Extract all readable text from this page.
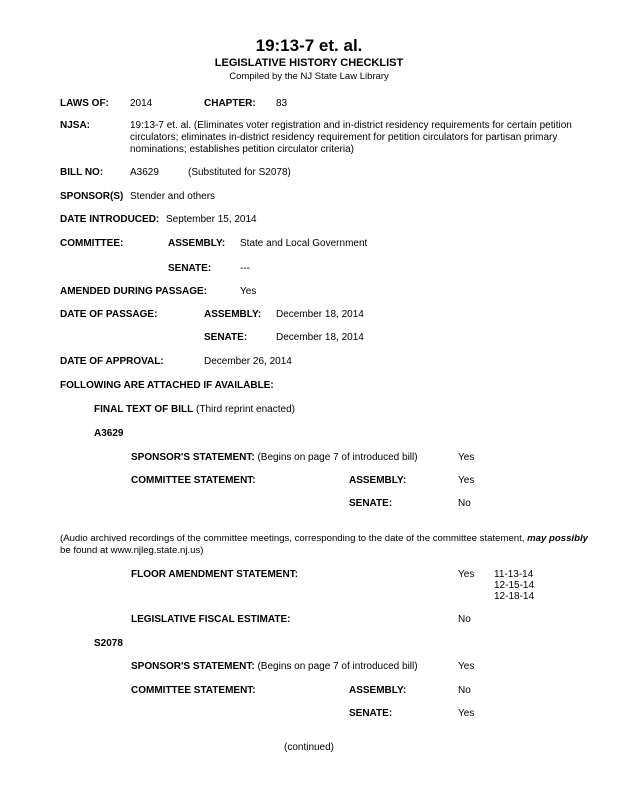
19:13-7 et. al.
LEGISLATIVE HISTORY CHECKLIST
Compiled by the NJ State Law Library
LAWS OF: 2014	CHAPTER: 83
NJSA:	19:13-7 et. al. (Eliminates voter registration and in-district residency requirements for certain petition circulators; eliminates in-district residency requirement for petition circulators for partisan primary nominations; establishes petition circulator criteria)
BILL NO:	A3629	(Substituted for S2078)
SPONSOR(S) Stender and others
DATE INTRODUCED: September 15, 2014
COMMITTEE:	ASSEMBLY: State and Local Government
SENATE:	---
AMENDED DURING PASSAGE:	Yes
DATE OF PASSAGE:	ASSEMBLY: December 18, 2014
SENATE:	December 18, 2014
DATE OF APPROVAL:	December 26, 2014
FOLLOWING ARE ATTACHED IF AVAILABLE:
FINAL TEXT OF BILL (Third reprint enacted)
A3629
SPONSOR'S STATEMENT: (Begins on page 7 of introduced bill)	Yes
COMMITTEE STATEMENT:	ASSEMBLY:	Yes
SENATE:	No
(Audio archived recordings of the committee meetings, corresponding to the date of the committee statement, may possibly
be found at www.njleg.state.nj.us)
FLOOR AMENDMENT STATEMENT:	Yes 11-13-14
12-15-14
12-18-14
LEGISLATIVE FISCAL ESTIMATE:	No
S2078
SPONSOR'S STATEMENT: (Begins on page 7 of introduced bill)	Yes
COMMITTEE STATEMENT:	ASSEMBLY:	No
SENATE:	Yes
(continued)
